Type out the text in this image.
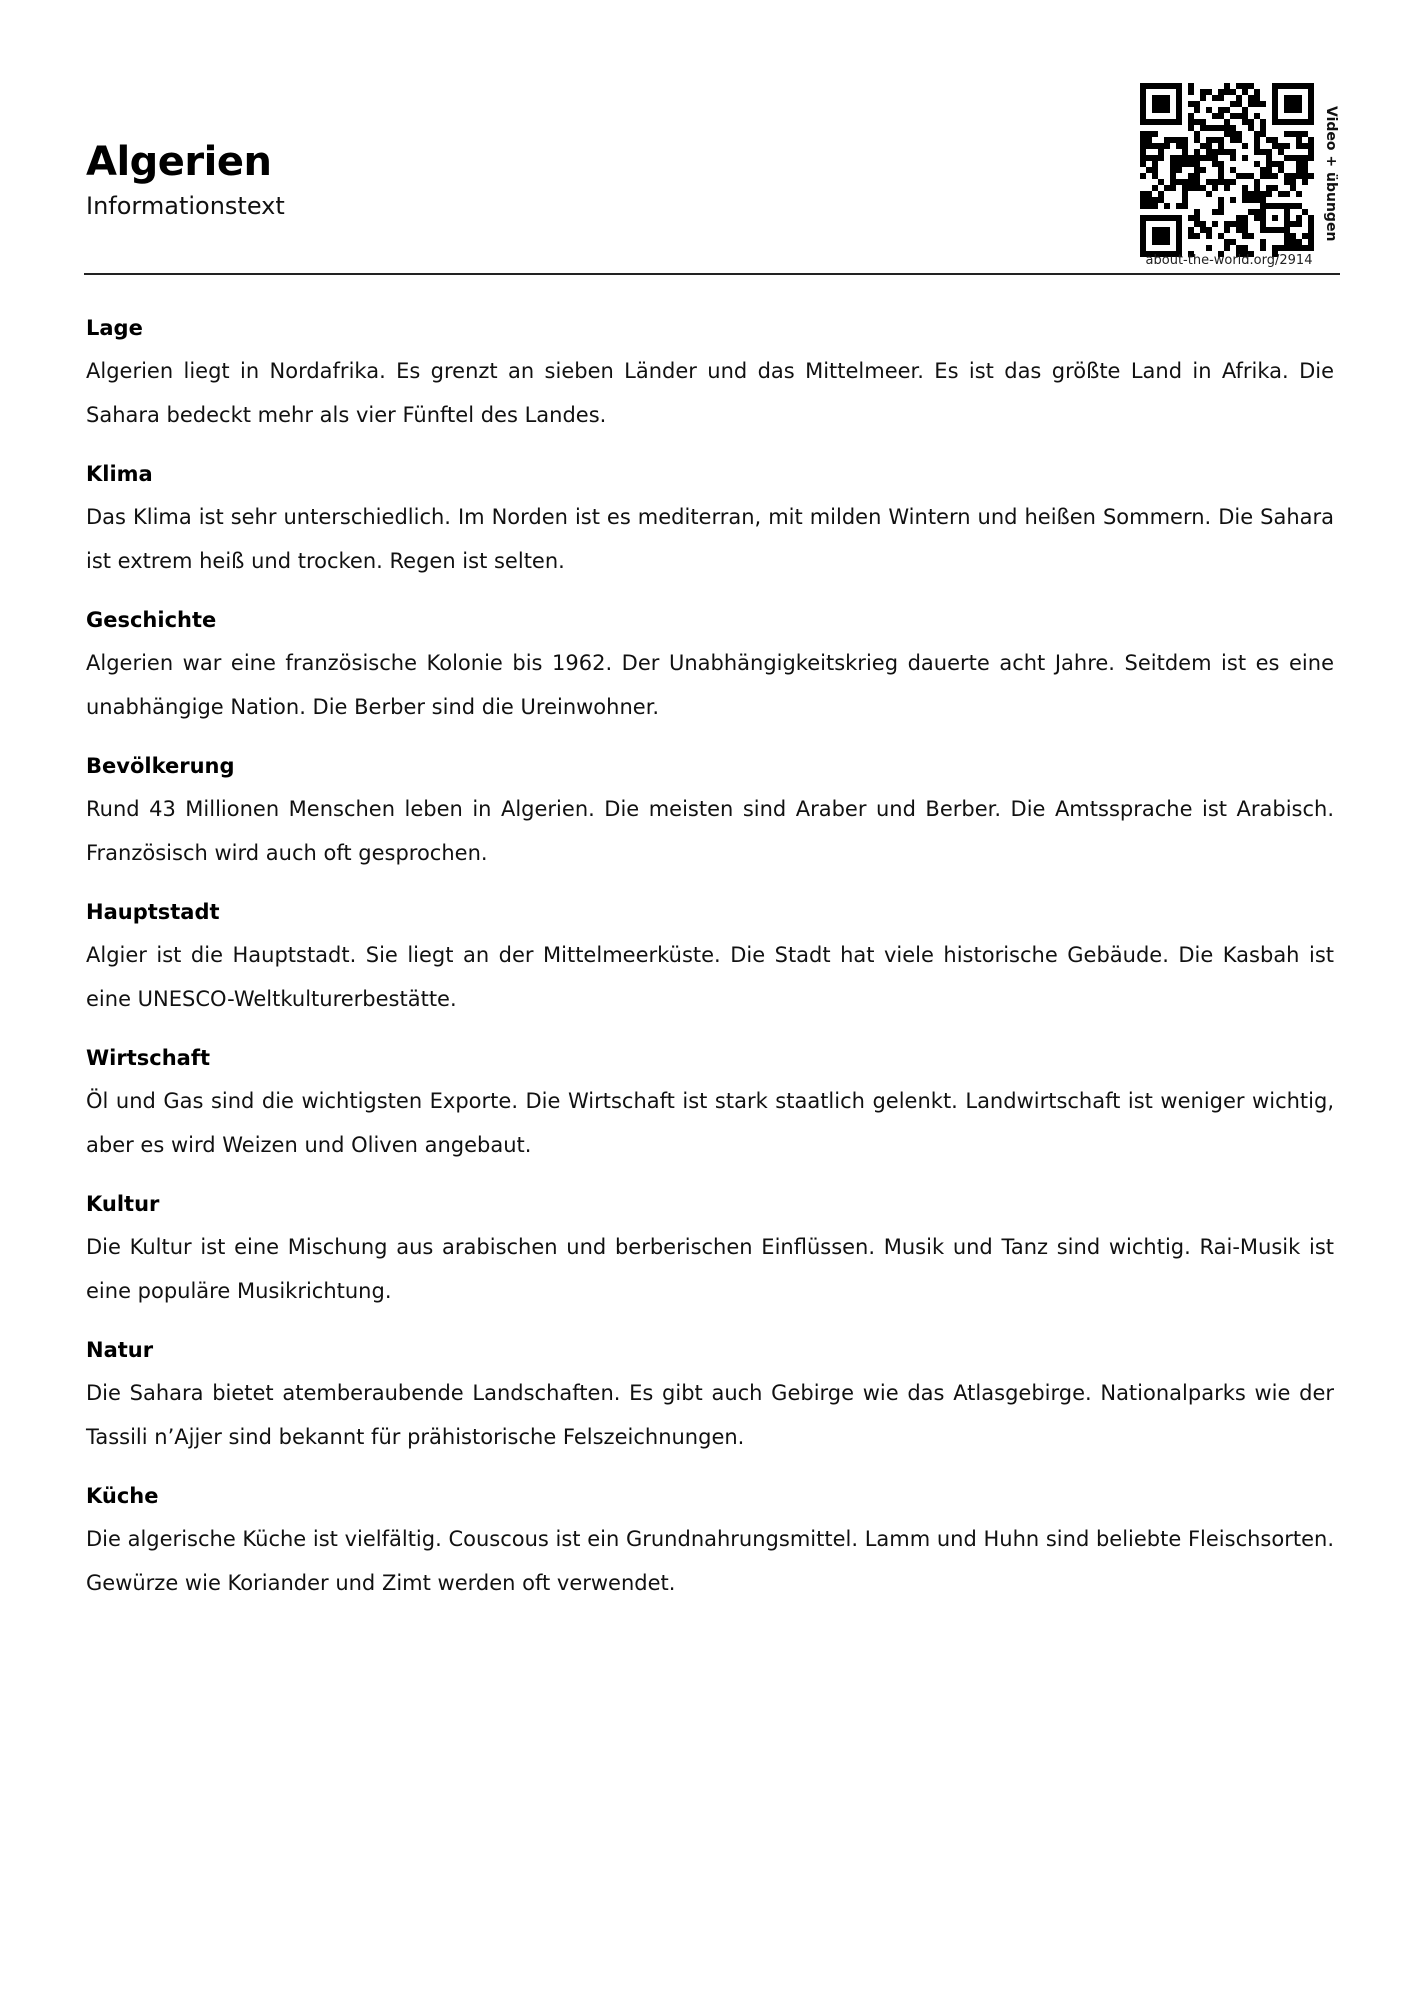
Algerien
Informationstext
about-the-world.org/2914
Video + übungen
Lage

Algerien liegt in Nordafrika. Es grenzt an sieben Länder und das Mittelmeer. Es ist das größte Land in Afrika. Die Sahara bedeckt mehr als vier Fünftel des Landes.

Klima

Das Klima ist sehr unterschiedlich. Im Norden ist es mediterran, mit milden Wintern und heißen Sommern. Die Sahara ist extrem heiß und trocken. Regen ist selten.

Geschichte

Algerien war eine französische Kolonie bis 1962. Der Unabhängigkeitskrieg dauerte acht Jahre. Seitdem ist es eine unabhängige Nation. Die Berber sind die Ureinwohner.

Bevölkerung

Rund 43 Millionen Menschen leben in Algerien. Die meisten sind Araber und Berber. Die Amtssprache ist Arabisch. Französisch wird auch oft gesprochen.

Hauptstadt

Algier ist die Hauptstadt. Sie liegt an der Mittelmeerküste. Die Stadt hat viele historische Gebäude. Die Kasbah ist eine UNESCO-Weltkulturerbestätte.

Wirtschaft

Öl und Gas sind die wichtigsten Exporte. Die Wirtschaft ist stark staatlich gelenkt. Landwirtschaft ist weniger wichtig, aber es wird Weizen und Oliven angebaut.

Kultur

Die Kultur ist eine Mischung aus arabischen und berberischen Einflüssen. Musik und Tanz sind wichtig. Rai-Musik ist eine populäre Musikrichtung.

Natur

Die Sahara bietet atemberaubende Landschaften. Es gibt auch Gebirge wie das Atlasgebirge. Nationalparks wie der Tassili n’Ajjer sind bekannt für prähistorische Felszeichnungen.

Küche

Die algerische Küche ist vielfältig. Couscous ist ein Grundnahrungsmittel. Lamm und Huhn sind beliebte Fleischsorten. Gewürze wie Koriander und Zimt werden oft verwendet.
